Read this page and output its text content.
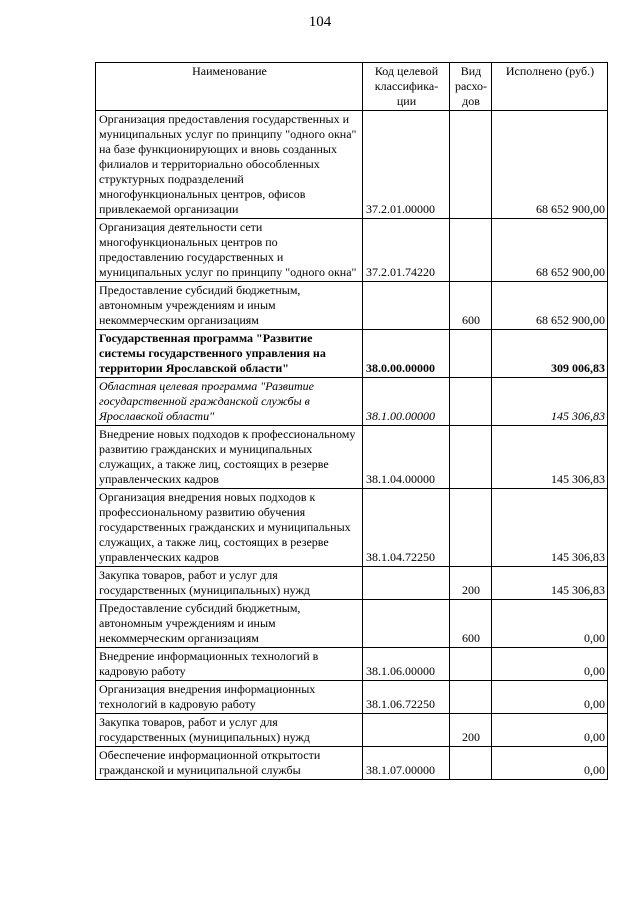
104
Наименование	Код целевой классифика-ции	Вид расхо-дов	Исполнено (руб.)
Организация предоставления государственных и муниципальных услуг по принципу "одного окна" на базе функционирующих и вновь созданных филиалов и территориально обособленных структурных подразделений многофункциональных центров, офисов привлекаемой организации	37.2.01.00000		68 652 900,00
Организация деятельности сети многофункциональных центров по предоставлению государственных и муниципальных услуг по принципу "одного окна"	37.2.01.74220		68 652 900,00
Предоставление субсидий бюджетным, автономным учреждениям и иным некоммерческим организациям		600	68 652 900,00
Государственная программа "Развитие системы государственного управления на территории Ярославской области"	38.0.00.00000		309 006,83
Областная целевая программа "Развитие государственной гражданской службы в Ярославской области"	38.1.00.00000		145 306,83
Внедрение новых подходов к профессиональному развитию гражданских и муниципальных служащих, а также лиц, состоящих в резерве управленческих кадров	38.1.04.00000		145 306,83
Организация внедрения новых подходов к профессиональному развитию обучения государственных гражданских и муниципальных служащих, а также лиц, состоящих в резерве управленческих кадров	38.1.04.72250		145 306,83
Закупка товаров, работ и услуг для государственных (муниципальных) нужд		200	145 306,83
Предоставление субсидий бюджетным, автономным учреждениям и иным некоммерческим организациям		600	0,00
Внедрение информационных технологий в кадровую работу	38.1.06.00000		0,00
Организация внедрения информационных технологий в кадровую работу	38.1.06.72250		0,00
Закупка товаров, работ и услуг для государственных (муниципальных) нужд		200	0,00
Обеспечение информационной открытости гражданской и муниципальной службы	38.1.07.00000		0,00
